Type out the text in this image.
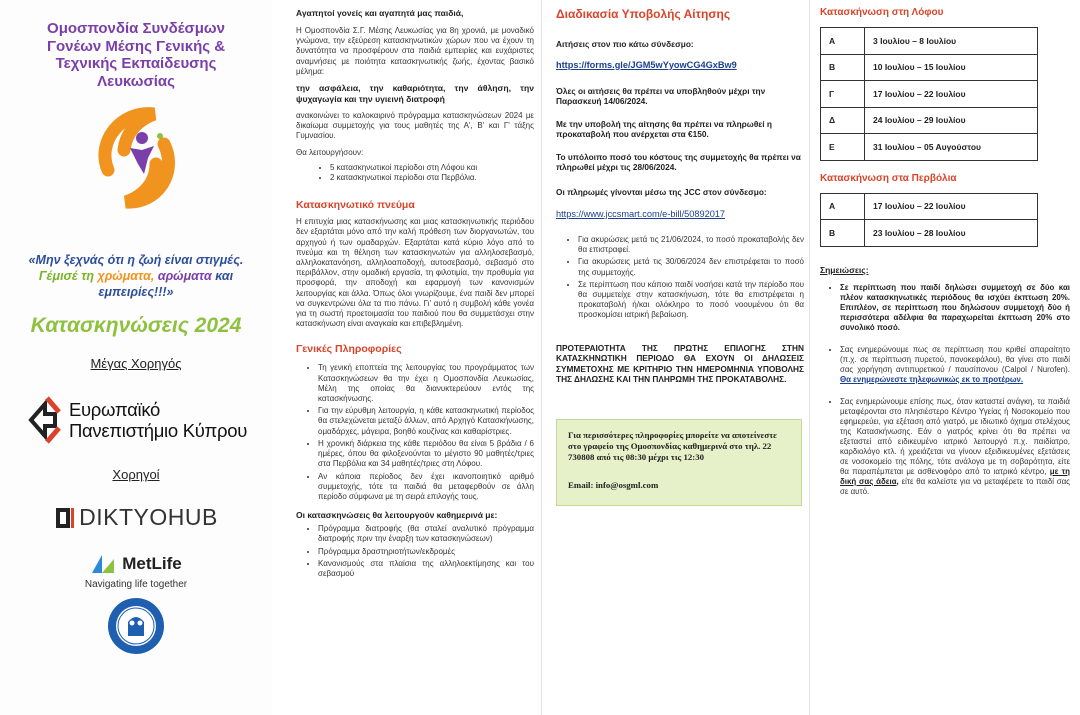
Ομοσπονδία Συνδέσμων Γονέων Μέσης Γενικής & Τεχνικής Εκπαίδευσης Λευκωσίας
«Μην ξεχνάς ότι η ζωή είναι στιγμές.
Γέμισέ τη χρώματα, αρώματα και
εμπειρίες!!!»
Κατασκηνώσεις 2024
Μέγας Χορηγός
Ευρωπαϊκό
Πανεπιστήμιο Κύπρου
Χορηγοί
DIKTYOHUB
MetLife
Navigating life together
Αγαπητοί γονείς και αγαπητά μας παιδιά,

Η Ομοσπονδία Σ.Γ. Μέσης Λευκωσίας για 8η χρονιά, με μοναδικό γνώμονα, την εξεύρεση κατασκηνωτικών χώρων που να έχουν τη δυνατότητα να προσφέρουν στα παιδιά εμπειρίες και ευχάριστες αναμνήσεις με ποιότητα κατασκηνωτικής ζωής, έχοντας βασικό μέλημα:

την ασφάλεια, την καθαριότητα, την άθληση, την ψυχαγωγία και την υγιεινή διατροφή

ανακοινώνει το καλοκαιρινό πρόγραμμα κατασκηνώσεων 2024 με δικαίωμα συμμετοχής για τους μαθητές της Α', Β' και Γ' τάξης Γυμνασίου.

Θα λειτουργήσουν:

• 5 κατασκηνωτικοί περίοδοι στη Λόφου και
• 2 κατασκηνωτικοί περίοδοι στα Περβόλια.
Κατασκηνωτικό πνεύμα

Η επιτυχία μιας κατασκήνωσης και μιας κατασκηνωτικής περιόδου δεν εξαρτάται μόνο από την καλή πρόθεση των διοργανωτών, του αρχηγού ή των ομαδαρχών. Εξαρτάται κατά κύριο λόγο από το πνεύμα και τη θέληση των κατασκηνωτών για αλληλοσεβασμό, αλληλοκατανόηση, αλληλοαποδοχή, αυτοσεβασμό, σεβασμό στο περιβάλλον, στην ομαδική εργασία, τη φιλοτιμία, την προθυμία για προσφορά, την αποδοχή και εφαρμογή των κανονισμών λειτουργίας και άλλα. Όπως όλοι γνωρίζουμε, ένα παιδί δεν μπορεί να συγκεντρώνει όλα τα πιο πάνω. Γι' αυτό η συμβολή κάθε γονέα για τη σωστή προετοιμασία του παιδιού που θα συμμετάσχει στην κατασκήνωση είναι αναγκαία και επιβεβλημένη.

Γενικές Πληροφορίες
• Τη γενική εποπτεία της λειτουργίας του προγράμματος των Κατασκηνώσεων θα την έχει η Ομοσπονδία Λευκωσίας, Μέλη της οποίας θα διανυκτερεύουν εντός της κατασκήνωσης.
• Για την εύρυθμη λειτουργία, η κάθε κατασκηνωτική περίοδος θα στελεχώνεται μεταξύ άλλων, από Αρχηγό Κατασκήνωσης, ομαδάρχες, μάγειρα, βοηθό κουζίνας και καθαρίστριες.
• Η χρονική διάρκεια της κάθε περιόδου θα είναι 5 βράδια / 6 ημέρες, όπου θα φιλοξενούνται το μέγιστο 90 μαθητές/τριες στα Περβόλια και 34 μαθητές/τριες στη Λόφου.
• Αν κάποια περίοδος δεν έχει ικανοποιητικό αριθμό συμμετοχής, τότε τα παιδιά θα μεταφερθούν σε άλλη περίοδο σύμφωνα με τη σειρά επιλογής τους.
Οι κατασκηνώσεις θα λειτουργούν καθημερινά με:
• Πρόγραμμα διατροφής (θα σταλεί αναλυτικό πρόγραμμα διατροφής πριν την έναρξη των κατασκηνώσεων)
• Πρόγραμμα δραστηριοτήτων/εκδρομές
• Κανονισμούς στα πλαίσια της αλληλοεκτίμησης και του σεβασμού
Διαδικασία Υποβολής Αίτησης

Αιτήσεις στον πιο κάτω σύνδεσμο:

https://forms.gle/JGM5wYyowCG4GxBw9

Όλες οι αιτήσεις θα πρέπει να υποβληθούν μέχρι την Παρασκευή 14/06/2024.

Με την υποβολή της αίτησης θα πρέπει να πληρωθεί η προκαταβολή που ανέρχεται στα €150.

Το υπόλοιπο ποσό του κόστους της συμμετοχής θα πρέπει να πληρωθεί μέχρι τις 28/06/2024.

Οι πληρωμές γίνονται μέσω της JCC στον σύνδεσμο:

https://www.jccsmart.com/e-bill/50892017
• Για ακυρώσεις μετά τις 21/06/2024, το ποσό προκαταβολής δεν θα επιστραφεί.
• Για ακυρώσεις μετά τις 30/06/2024 δεν επιστρέφεται το ποσό της συμμετοχής.
• Σε περίπτωση που κάποιο παιδί νοσήσει κατά την περίοδο που θα συμμετείχε στην κατασκήνωση, τότε θα επιστρέφεται η προκαταβολή ή/και ολόκληρο το ποσό νοουμένου ότι θα προσκομίσει ιατρική βεβαίωση.

ΠΡΟΤΕΡΑΙΟΤΗΤΑ ΤΗΣ ΠΡΩΤΗΣ ΕΠΙΛΟΓΗΣ ΣΤΗΝ ΚΑΤΑΣΚΗΝΩΤΙΚΗ ΠΕΡΙΟΔΟ ΘΑ ΕΧΟΥΝ ΟΙ ΔΗΛΩΣΕΙΣ ΣΥΜΜΕΤΟΧΗΣ ΜΕ ΚΡΙΤΗΡΙΟ ΤΗΝ ΗΜΕΡΟΜΗΝΙΑ ΥΠΟΒΟΛΗΣ ΤΗΣ ΔΗΛΩΣΗΣ ΚΑΙ ΤΗΝ ΠΛΗΡΩΜΗ ΤΗΣ ΠΡΟΚΑΤΑΒΟΛΗΣ.

Για περισσότερες πληροφορίες μπορείτε να αποτείνεστε στο γραφείο της Ομοσπονδίας καθημερινά στο τηλ. 22 730808 από τις 08:30 μέχρι τις 12:30

Email: info@osgml.com

Κατασκήνωση στη Λόφου
Α	3 Ιουλίου – 8 Ιουλίου
Β	10 Ιουλίου – 15 Ιουλίου
Γ	17 Ιουλίου – 22 Ιουλίου
Δ	24 Ιουλίου – 29 Ιουλίου
Ε	31 Ιουλίου – 05 Αυγούστου
Κατασκήνωση στα Περβόλια
Α	17 Ιουλίου – 22 Ιουλίου
Β	23 Ιουλίου – 28 Ιουλίου
Σημειώσεις:
• Σε περίπτωση που παιδί δηλώσει συμμετοχή σε δύο και πλέον κατασκηνωτικές περιόδους θα ισχύει έκπτωση 20%. Επιπλέον, σε περίπτωση που δηλώσουν συμμετοχή δύο ή περισσότερα αδέλφια θα παραχωρείται έκπτωση 20% στο συνολικό ποσό.
• Σας ενημερώνουμε πως σε περίπτωση που κριθεί απαραίτητο (π.χ. σε περίπτωση πυρετού, πονοκεφάλου), θα γίνει στο παιδί σας χορήγηση αντιπυρετικού / παυσίπονου (Calpol / Nurofen). Θα ενημερώνεστε τηλεφωνικώς εκ το προτέρων.
• Σας ενημερώνουμε επίσης πως, όταν καταστεί ανάγκη, τα παιδιά μεταφέρονται στο πλησιέστερο Κέντρο Υγείας ή Νοσοκομείο που εφημερεύει, για εξέταση από γιατρό, με ιδιωτικό όχημα στελέχους της Κατασκήνωσης. Εάν ο γιατρός κρίνει ότι θα πρέπει να εξεταστεί από ειδικευμένο ιατρικό λειτουργό π.χ. παιδίατρο, καρδιολόγο κτλ. ή χρειάζεται να γίνουν εξειδικευμένες εξετάσεις σε νοσοκομείο της πόλης, τότε ανάλογα με τη σοβαρότητα, είτε θα παραπέμπεται με ασθενοφόρο από το ιατρικό κέντρο, με τη δική σας άδεια, είτε θα καλείστε για να μεταφέρετε το παιδί σας σε αυτό.
